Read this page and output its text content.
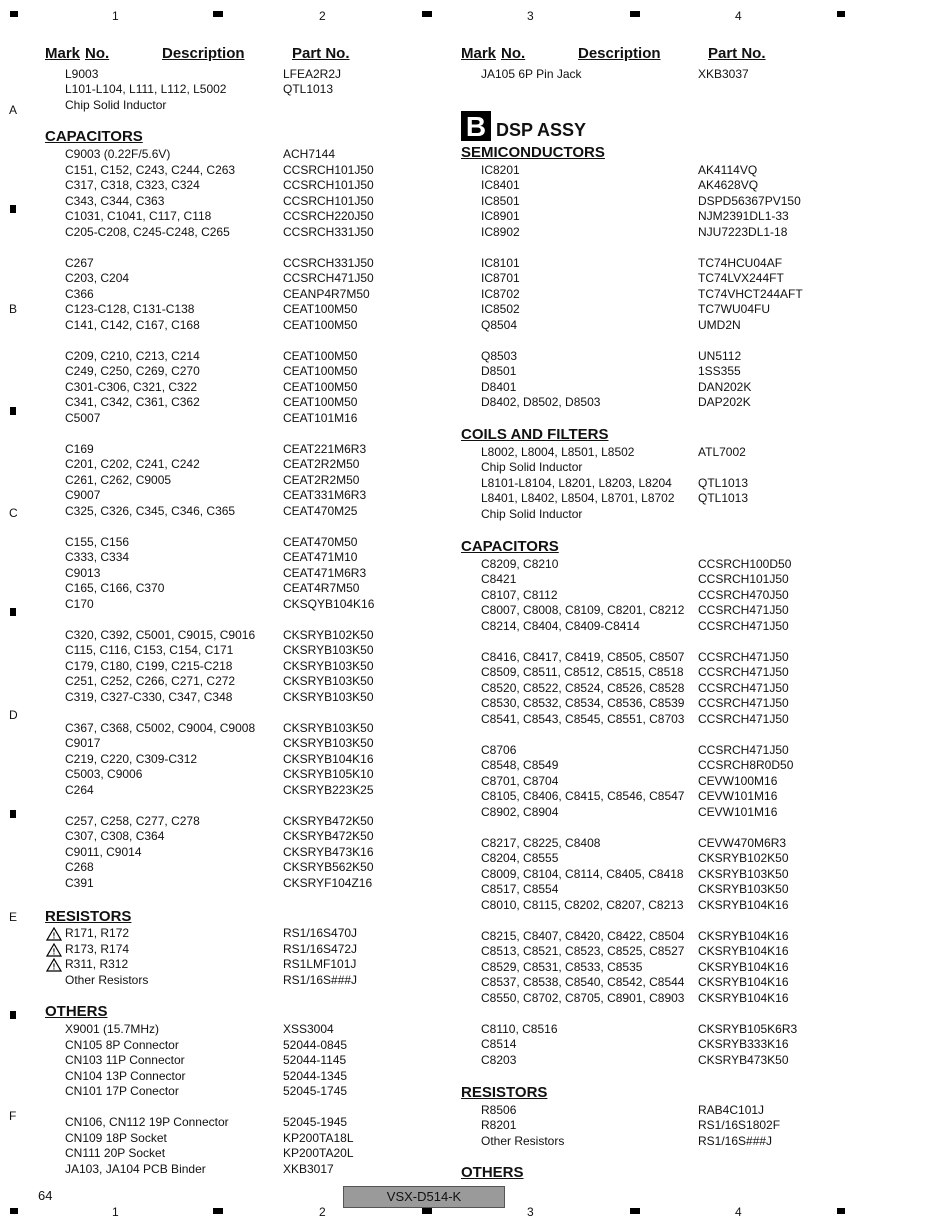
1	2	3	4
1	2	3	4
A
B
C
D
E
F
Mark No.	Description	Part No.	Mark No.	Description	Part No.
L9003	LFEA2R2J
L101-L104, L111, L112, L5002	QTL1013
Chip Solid Inductor
CAPACITORS
C9003 (0.22F/5.6V)	ACH7144
C151, C152, C243, C244, C263	CCSRCH101J50
C317, C318, C323, C324	CCSRCH101J50
C343, C344, C363	CCSRCH101J50
C1031, C1041, C117, C118	CCSRCH220J50
C205-C208, C245-C248, C265	CCSRCH331J50
C267	CCSRCH331J50
C203, C204	CCSRCH471J50
C366	CEANP4R7M50
C123-C128, C131-C138	CEAT100M50
C141, C142, C167, C168	CEAT100M50
C209, C210, C213, C214	CEAT100M50
C249, C250, C269, C270	CEAT100M50
C301-C306, C321, C322	CEAT100M50
C341, C342, C361, C362	CEAT100M50
C5007	CEAT101M16
C169	CEAT221M6R3
C201, C202, C241, C242	CEAT2R2M50
C261, C262, C9005	CEAT2R2M50
C9007	CEAT331M6R3
C325, C326, C345, C346, C365	CEAT470M25
C155, C156	CEAT470M50
C333, C334	CEAT471M10
C9013	CEAT471M6R3
C165, C166, C370	CEAT4R7M50
C170	CKSQYB104K16
C320, C392, C5001, C9015, C9016 CKSRYB102K50
C115, C116, C153, C154, C171	CKSRYB103K50
C179, C180, C199, C215-C218	CKSRYB103K50
C251, C252, C266, C271, C272	CKSRYB103K50
C319, C327-C330, C347, C348	CKSRYB103K50
C367, C368, C5002, C9004, C9008 CKSRYB103K50
C9017	CKSRYB103K50
C219, C220, C309-C312	CKSRYB104K16
C5003, C9006	CKSRYB105K10
C264	CKSRYB223K25
C257, C258, C277, C278	CKSRYB472K50
C307, C308, C364	CKSRYB472K50
C9011, C9014	CKSRYB473K16
C268	CKSRYB562K50
C391	CKSRYF104Z16
RESISTORS
R171, R172	RS1/16S470J
!
R173, R174	RS1/16S472J
!
R311, R312	RS1LMF101J
!
Other Resistors	RS1/16S###J
OTHERS
X9001 (15.7MHz)	XSS3004
CN105 8P Connector	52044-0845
CN103 11P Connector	52044-1145
CN104 13P Connector	52044-1345
CN101 17P Conector	52045-1745
CN106, CN112 19P Connector	52045-1945
CN109 18P Socket	KP200TA18L
CN111 20P Socket	KP200TA20L
JA103, JA104 PCB Binder	XKB3017
JA105 6P Pin Jack	XKB3037
B DSP ASSY
SEMICONDUCTORS
IC8201	AK4114VQ
IC8401	AK4628VQ
IC8501	DSPD56367PV150
IC8901	NJM2391DL1-33
IC8902	NJU7223DL1-18
IC8101	TC74HCU04AF
IC8701	TC74LVX244FT
IC8702	TC74VHCT244AFT
IC8502	TC7WU04FU
Q8504	UMD2N
Q8503	UN5112
D8501	1SS355
D8401	DAN202K
D8402, D8502, D8503	DAP202K
COILS AND FILTERS
L8002, L8004, L8501, L8502	ATL7002
Chip Solid Inductor
L8101-L8104, L8201, L8203, L8204 QTL1013
L8401, L8402, L8504, L8701, L8702 QTL1013
Chip Solid Inductor
CAPACITORS
C8209, C8210	CCSRCH100D50
C8421	CCSRCH101J50
C8107, C8112	CCSRCH470J50
C8007, C8008, C8109, C8201, C8212 CCSRCH471J50
C8214, C8404, C8409-C8414	CCSRCH471J50
C8416, C8417, C8419, C8505, C8507 CCSRCH471J50
C8509, C8511, C8512, C8515, C8518 CCSRCH471J50
C8520, C8522, C8524, C8526, C8528 CCSRCH471J50
C8530, C8532, C8534, C8536, C8539 CCSRCH471J50
C8541, C8543, C8545, C8551, C8703 CCSRCH471J50
C8706	CCSRCH471J50
C8548, C8549	CCSRCH8R0D50
C8701, C8704	CEVW100M16
C8105, C8406, C8415, C8546, C8547 CEVW101M16
C8902, C8904	CEVW101M16
C8217, C8225, C8408	CEVW470M6R3
C8204, C8555	CKSRYB102K50
C8009, C8104, C8114, C8405, C8418 CKSRYB103K50
C8517, C8554	CKSRYB103K50
C8010, C8115, C8202, C8207, C8213 CKSRYB104K16
C8215, C8407, C8420, C8422, C8504 CKSRYB104K16
C8513, C8521, C8523, C8525, C8527 CKSRYB104K16
C8529, C8531, C8533, C8535	CKSRYB104K16
C8537, C8538, C8540, C8542, C8544 CKSRYB104K16
C8550, C8702, C8705, C8901, C8903 CKSRYB104K16
C8110, C8516	CKSRYB105K6R3
C8514	CKSRYB333K16
C8203	CKSRYB473K50
RESISTORS
R8506	RAB4C101J
R8201	RS1/16S1802F
Other Resistors	RS1/16S###J
OTHERS
64	VSX-D514-K
